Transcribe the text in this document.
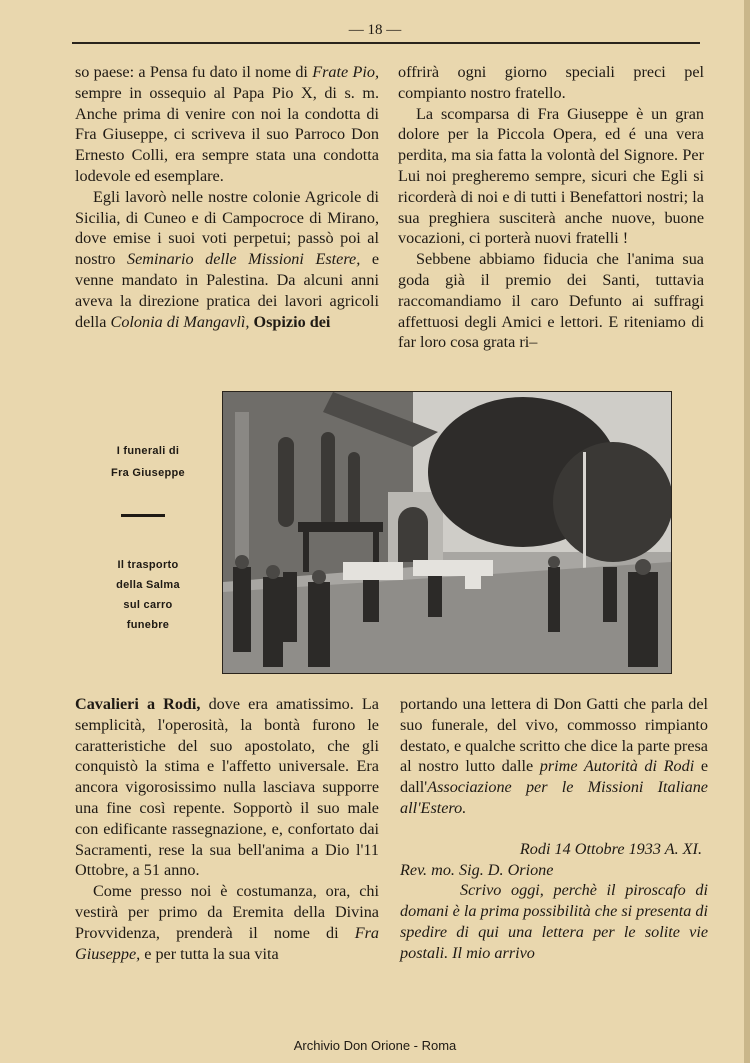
— 18 —

so paese: a Pensa fu dato il nome di Frate Pio, sempre in ossequio al Papa Pio X, di s. m. Anche prima di venire con noi la condotta di Fra Giuseppe, ci scriveva il suo Parroco Don Ernesto Colli, era sempre stata una condotta lodevole ed esemplare.

Egli lavorò nelle nostre colonie Agricole di Sicilia, di Cuneo e di Campocroce di Mirano, dove emise i suoi voti perpetui; passò poi al nostro Seminario delle Missioni Estere, e venne mandato in Palestina. Da alcuni anni aveva la direzione pratica dei lavori agricoli della Colonia di Mangavlì, Ospizio dei

offrirà ogni giorno speciali preci pel compianto nostro fratello.

La scomparsa di Fra Giuseppe è un gran dolore per la Piccola Opera, ed é una vera perdita, ma sia fatta la volontà del Signore. Per Lui noi pregheremo sempre, sicuri che Egli si ricorderà di noi e di tutti i Benefattori nostri; la sua preghiera susciterà anche nuove, buone vocazioni, ci porterà nuovi fratelli !

Sebbene abbiamo fiducia che l'anima sua goda già il premio dei Santi, tuttavia raccomandiamo il caro Defunto ai suffragi affettuosi degli Amici e lettori. E riteniamo di far loro cosa grata ri–

I funerali di
Fra Giuseppe
Il trasporto
della Salma
sul carro
funebre

Cavalieri a Rodi, dove era amatissimo. La semplicità, l'operosità, la bontà furono le caratteristiche del suo apostolato, che gli conquistò la stima e l'affetto universale. Era ancora vigorosissimo nulla lasciava supporre una fine così repente. Sopportò il suo male con edificante rassegnazione, e, confortato dai Sacramenti, rese la sua bell'anima a Dio l'11 Ottobre, a 51 anno.

Come presso noi è costumanza, ora, chi vestirà per primo da Eremita della Divina Provvidenza, prenderà il nome di Fra Giuseppe, e per tutta la sua vita

portando una lettera di Don Gatti che parla del suo funerale, del vivo, commosso rimpianto destato, e qualche scritto che dice la parte presa al nostro lutto dalle prime Autorità di Rodi e dall'Associazione per le Missioni Italiane all'Estero.

Rodi 14 Ottobre 1933 A. XI.

Rev. mo. Sig. D. Orione

Scrivo oggi, perchè il piroscafo di domani è la prima possibilità che si presenta di spedire di qui una lettera per le solite vie postali. Il mio arrivo

Archivio Don Orione - Roma
